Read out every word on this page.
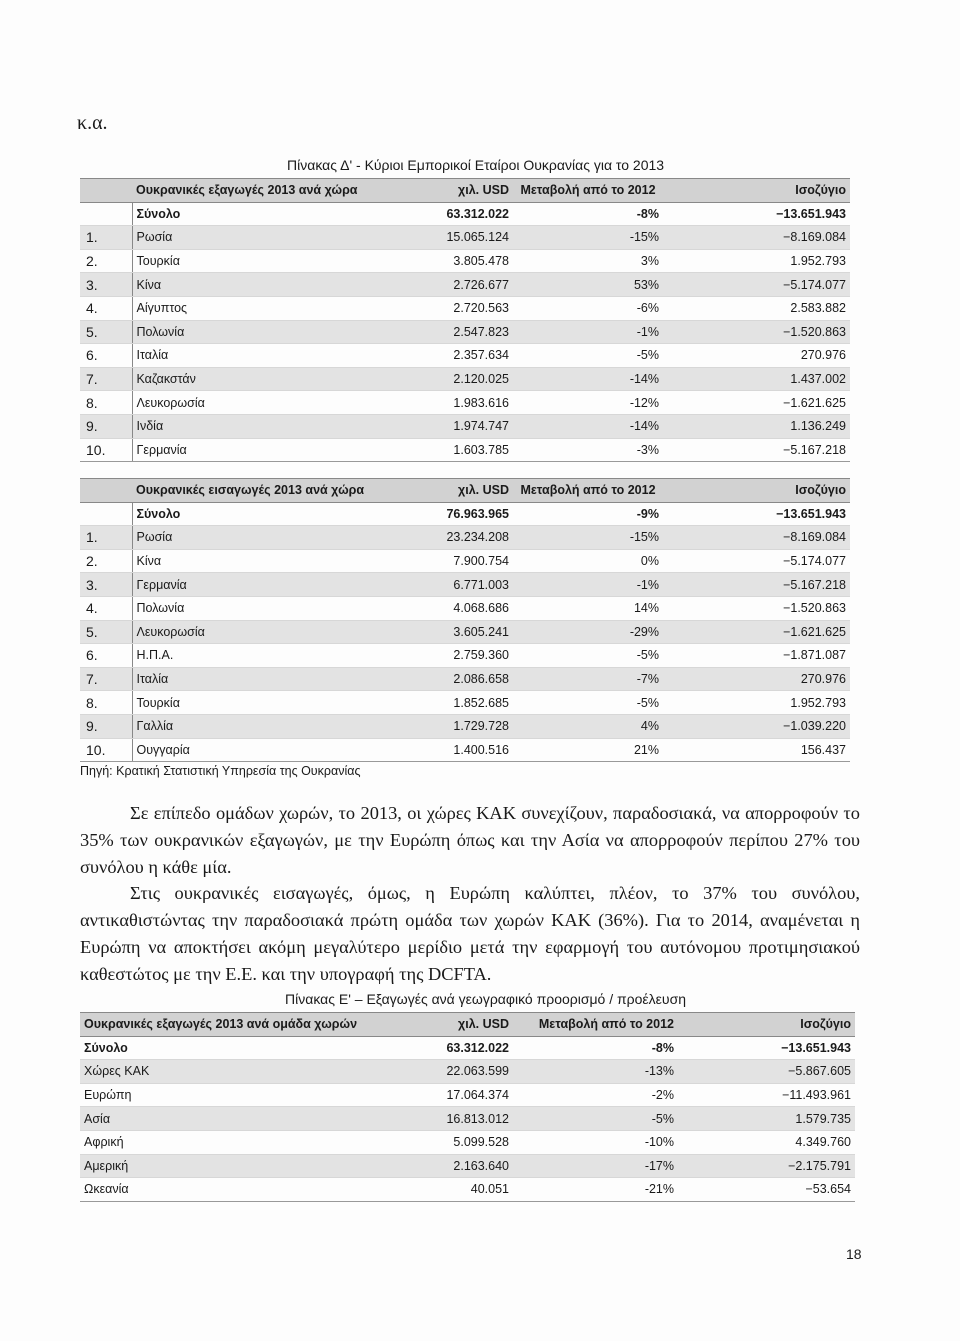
κ.α.
Πίνακας Δ' - Κύριοι Εμπορικοί Εταίροι Ουκρανίας για το 2013
	Ουκρανικές εξαγωγές 2013 ανά χώρα	χιλ. USD	Μεταβολή από το 2012	Ισοζύγιο
	Σύνολο	63.312.022	-8%	−13.651.943
1.	Ρωσία	15.065.124	-15%	−8.169.084
2.	Τουρκία	3.805.478	3%	1.952.793
3.	Κίνα	2.726.677	53%	−5.174.077
4.	Αίγυπτος	2.720.563	-6%	2.583.882
5.	Πολωνία	2.547.823	-1%	−1.520.863
6.	Ιταλία	2.357.634	-5%	270.976
7.	Καζακστάν	2.120.025	-14%	1.437.002
8.	Λευκορωσία	1.983.616	-12%	−1.621.625
9.	Ινδία	1.974.747	-14%	1.136.249
10.	Γερμανία	1.603.785	-3%	−5.167.218
	Ουκρανικές εισαγωγές 2013 ανά χώρα	χιλ. USD	Μεταβολή από το 2012	Ισοζύγιο
	Σύνολο	76.963.965	-9%	−13.651.943
1.	Ρωσία	23.234.208	-15%	−8.169.084
2.	Κίνα	7.900.754	0%	−5.174.077
3.	Γερμανία	6.771.003	-1%	−5.167.218
4.	Πολωνία	4.068.686	14%	−1.520.863
5.	Λευκορωσία	3.605.241	-29%	−1.621.625
6.	Η.Π.Α.	2.759.360	-5%	−1.871.087
7.	Ιταλία	2.086.658	-7%	270.976
8.	Τουρκία	1.852.685	-5%	1.952.793
9.	Γαλλία	1.729.728	4%	−1.039.220
10.	Ουγγαρία	1.400.516	21%	156.437
Πηγή: Κρατική Στατιστική Υπηρεσία της Ουκρανίας

Σε επίπεδο ομάδων χωρών, το 2013, οι χώρες ΚΑΚ συνεχίζουν, παραδοσιακά, να απορροφούν το 35% των ουκρανικών εξαγωγών, με την Ευρώπη όπως και την Ασία να απορροφούν περίπου 27% του συνόλου η κάθε μία.

Στις ουκρανικές εισαγωγές, όμως, η Ευρώπη καλύπτει, πλέον, το 37% του συνόλου, αντικαθιστώντας την παραδοσιακά πρώτη ομάδα των χωρών ΚΑΚ (36%). Για το 2014, αναμένεται η Ευρώπη να αποκτήσει ακόμη μεγαλύτερο μερίδιο μετά την εφαρμογή του αυτόνομου προτιμησιακού καθεστώτος με την Ε.Ε. και την υπογραφή της DCFTA.

Πίνακας Ε' – Εξαγωγές ανά γεωγραφικό προορισμό / προέλευση
Ουκρανικές εξαγωγές 2013 ανά ομάδα χωρών	χιλ. USD	Μεταβολή από το 2012	Ισοζύγιο
Σύνολο	63.312.022	-8%	−13.651.943
Χώρες ΚΑΚ	22.063.599	-13%	−5.867.605
Ευρώπη	17.064.374	-2%	−11.493.961
Ασία	16.813.012	-5%	1.579.735
Αφρική	5.099.528	-10%	4.349.760
Αμερική	2.163.640	-17%	−2.175.791
Ωκεανία	40.051	-21%	−53.654
18
